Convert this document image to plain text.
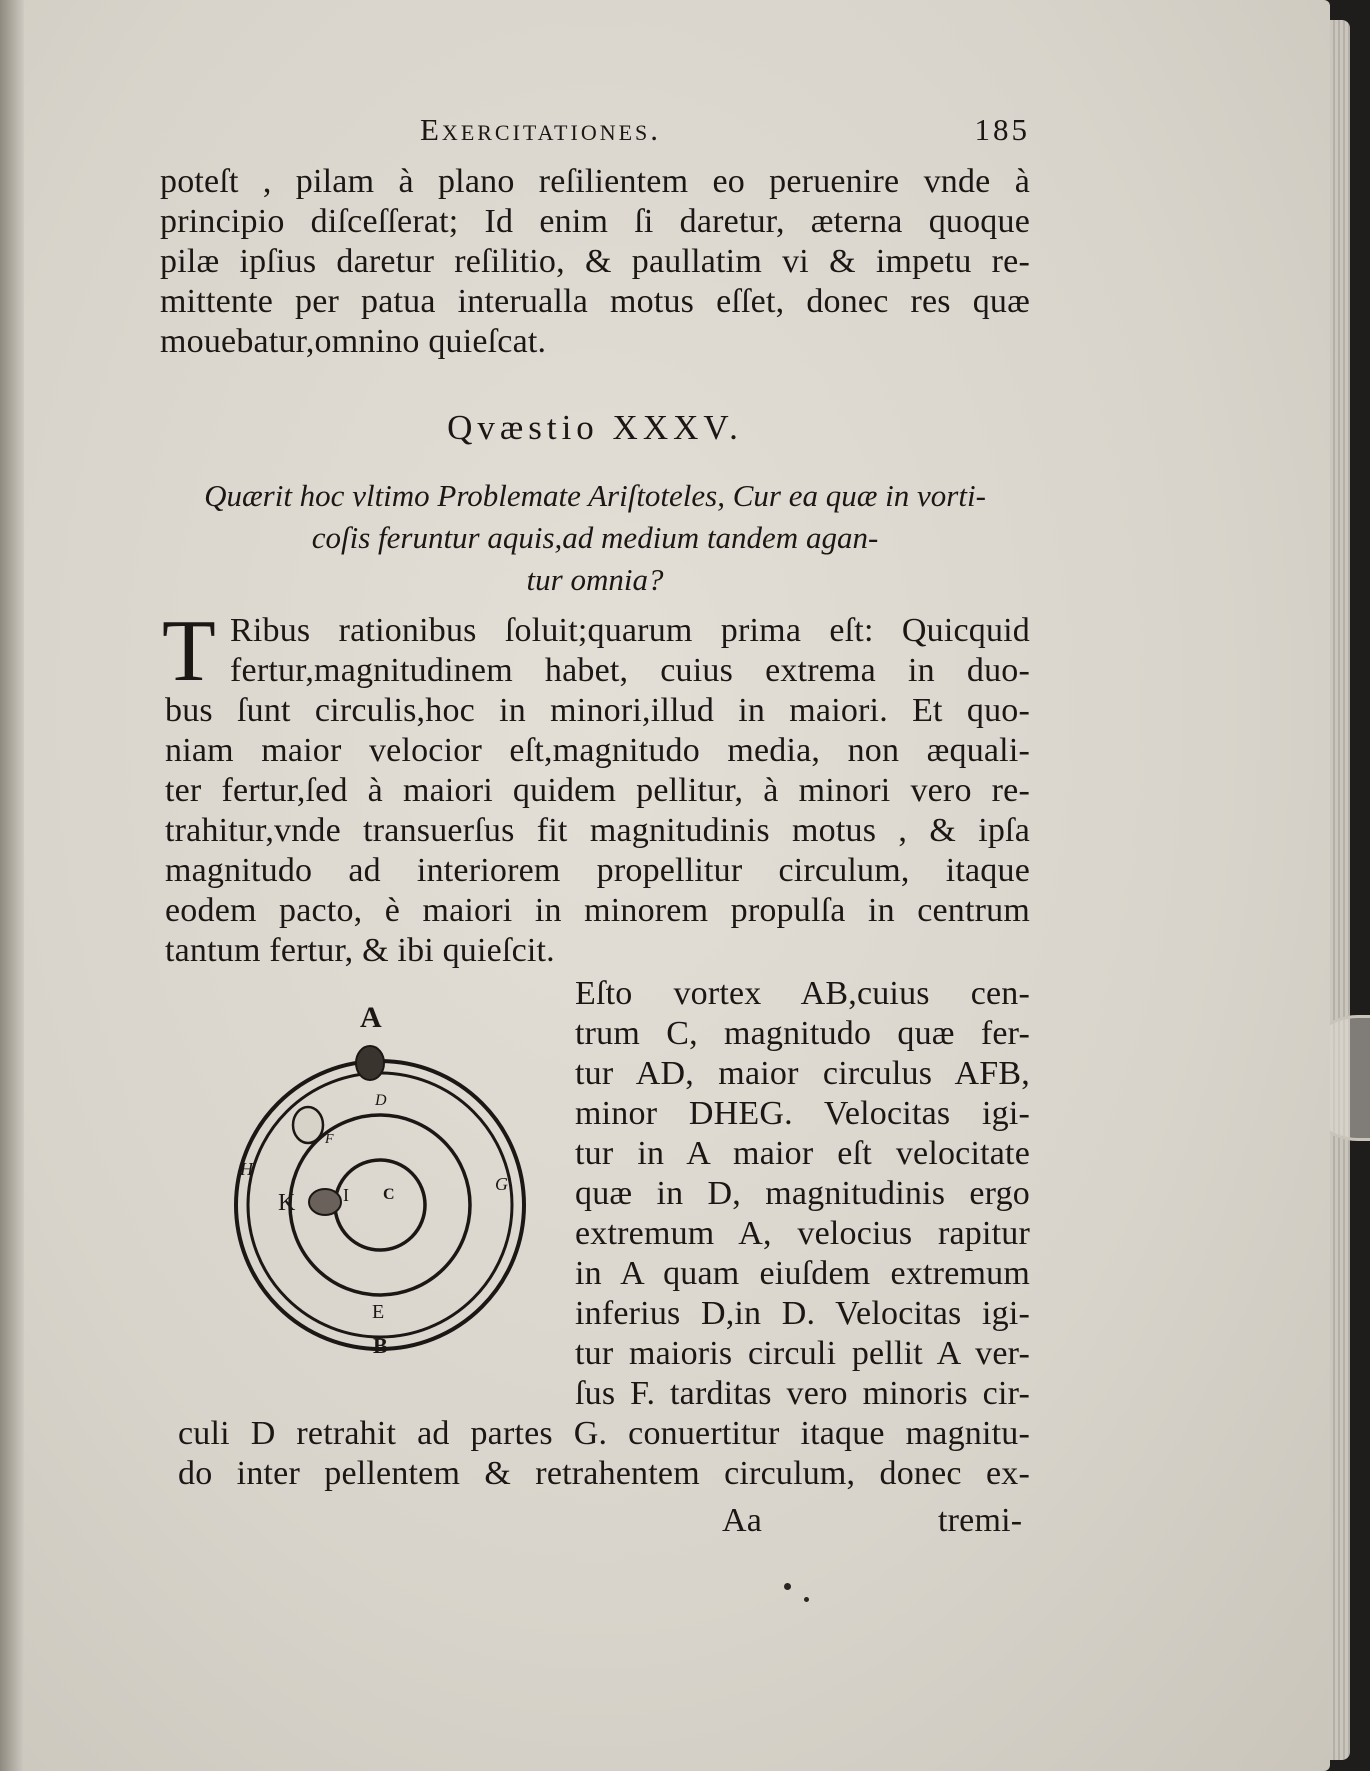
Exercitationes.	185
poteſt , pilam à plano reſilientem eo peruenire vnde à
principio diſceſſerat; Id enim ſi daretur, æterna quoque
pilæ ipſius daretur reſilitio, & paullatim vi & impetu re-
mittente per patua interualla motus eſſet, donec res quæ
mouebatur,omnino quieſcat.
Qvæstio XXXV.
Quærit hoc vltimo Problemate Ariſtoteles, Cur ea quæ in vorti-
coſis feruntur aquis,ad medium tandem agan-
tur omnia?
T Ribus rationibus ſoluit;quarum prima eſt: Quicquid
fertur,magnitudinem habet, cuius extrema in duo-
bus ſunt circulis,hoc in minori,illud in maiori. Et quo-
niam maior velocior eſt,magnitudo media, non æquali-
ter fertur,ſed à maiori quidem pellitur, à minori vero re-
trahitur,vnde transuerſus fit magnitudinis motus , & ipſa
magnitudo ad interiorem propellitur circulum, itaque
eodem pacto, è maiori in minorem propulſa in centrum
tantum fertur, & ibi quieſcit.
A
D
F
H
G
K	I C
E
B
Eſto vortex AB,cuius cen-
trum C, magnitudo quæ fer-
tur AD, maior circulus AFB,
minor DHEG. Velocitas igi-
tur in A maior eſt velocitate
quæ in D, magnitudinis ergo
extremum A, velocius rapitur
in A quam eiuſdem extremum
inferius D,in D. Velocitas igi-
tur maioris circuli pellit A ver-
ſus F. tarditas vero minoris cir-
culi D retrahit ad partes G. conuertitur itaque magnitu-
do inter pellentem & retrahentem circulum, donec ex-
Aa	tremi-
